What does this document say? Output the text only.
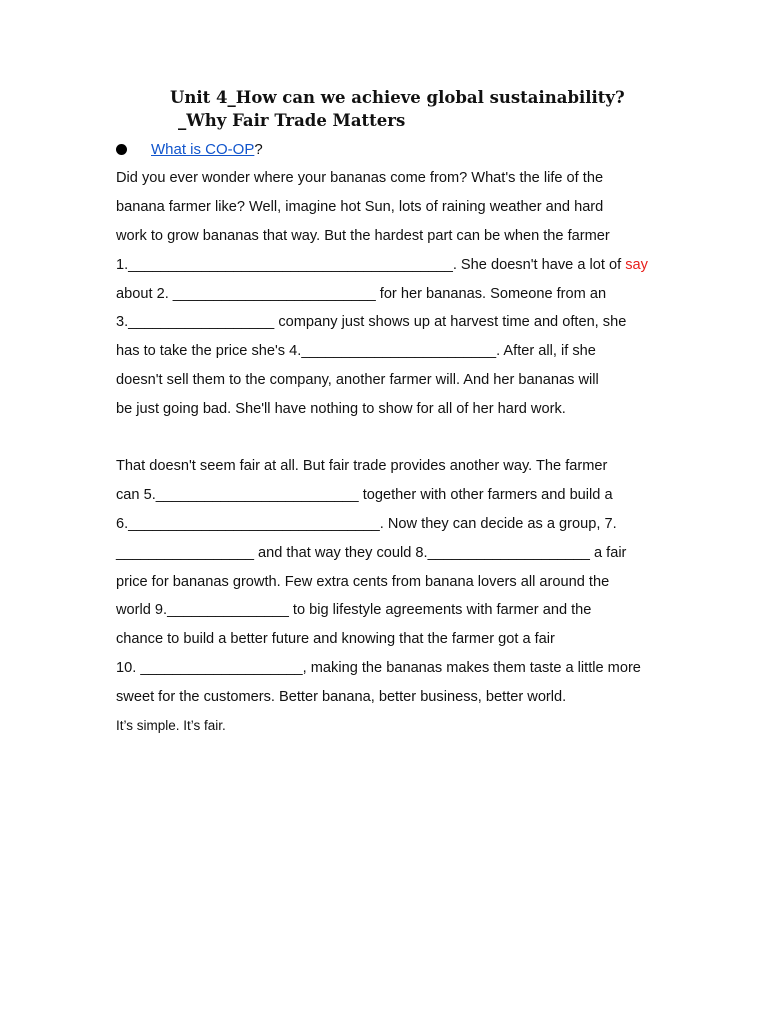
Unit 4_How can we achieve global sustainability?
_Why Fair Trade Matters
What is CO-OP?
Did you ever wonder where your bananas come from? What's the life of the
banana farmer like? Well, imagine hot Sun, lots of raining weather and hard
work to grow bananas that way. But the hardest part can be when the farmer
1.________________________________________. She doesn't have a lot of say
about 2. _________________________ for her bananas. Someone from an
3.__________________ company just shows up at harvest time and often, she
has to take the price she's 4.________________________. After all, if she
doesn't sell them to the company, another farmer will. And her bananas will
be just going bad. She'll have nothing to show for all of her hard work.
That doesn't seem fair at all. But fair trade provides another way. The farmer
can 5._________________________ together with other farmers and build a
6._______________________________. Now they can decide as a group, 7.
_________________ and that way they could 8.____________________ a fair
price for bananas growth. Few extra cents from banana lovers all around the
world 9._______________ to big lifestyle agreements with farmer and the
chance to build a better future and knowing that the farmer got a fair
10. ____________________, making the bananas makes them taste a little more
sweet for the customers. Better banana, better business, better world.
It’s simple. It’s fair.
